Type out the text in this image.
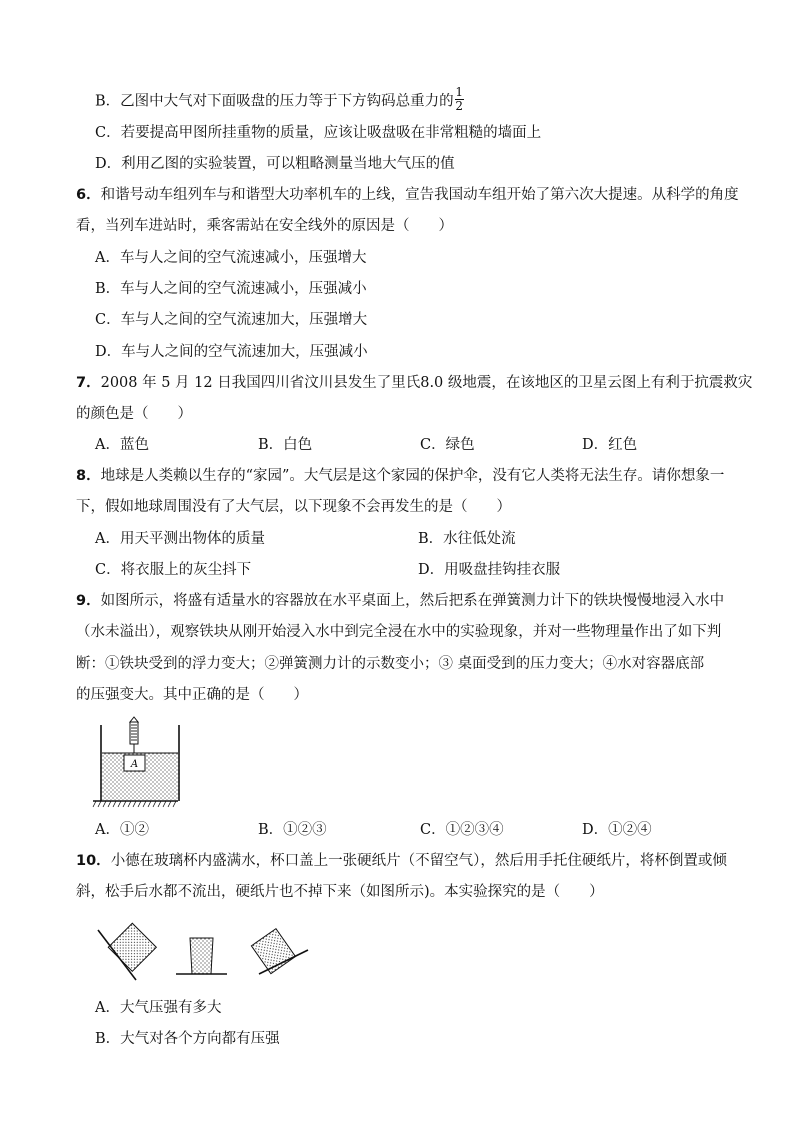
B．乙图中大气对下面吸盘的压力等于下方钩码总重力的 $\frac{1}{2}$
C．若要提高甲图所挂重物的质量，应该让吸盘吸在非常粗糙的墙面上
D．利用乙图的实验装置，可以粗略测量当地大气压的值
6．和谐号动车组列车与和谐型大功率机车的上线，宣告我国动车组开始了第六次大提速。从科学的角度
看，当列车进站时，乘客需站在安全线外的原因是（　　）
A．车与人之间的空气流速减小，压强增大
B．车与人之间的空气流速减小，压强减小
C．车与人之间的空气流速加大，压强增大
D．车与人之间的空气流速加大，压强减小
7．2008 年 5 月 12 日我国四川省汶川县发生了里氏8.0 级地震，在该地区的卫星云图上有利于抗震救灾
的颜色是（　　）
A．蓝色	B．白色	C．绿色	D．红色
8．地球是人类赖以生存的“家园”。大气层是这个家园的保护伞，没有它人类将无法生存。请你想象一
下，假如地球周围没有了大气层，以下现象不会再发生的是（　　）
A．用天平测出物体的质量	B．水往低处流
C．将衣服上的灰尘抖下	D．用吸盘挂钩挂衣服
9．如图所示，将盛有适量水的容器放在水平桌面上，然后把系在弹簧测力计下的铁块慢慢地浸入水中
（水未溢出），观察铁块从刚开始浸入水中到完全浸在水中的实验现象，并对一些物理量作出了如下判
断：①铁块受到的浮力变大；②弹簧测力计的示数变小；③ 桌面受到的压力变大；④水对容器底部
的压强变大。其中正确的是（　　）
A
A．①②	B．①②③	C．①②③④	D．①②④
10．小德在玻璃杯内盛满水，杯口盖上一张硬纸片（不留空气），然后用手托住硬纸片，将杯倒置或倾
斜，松手后水都不流出，硬纸片也不掉下来（如图所示)。本实验探究的是（　　）
A．大气压强有多大
B．大气对各个方向都有压强
